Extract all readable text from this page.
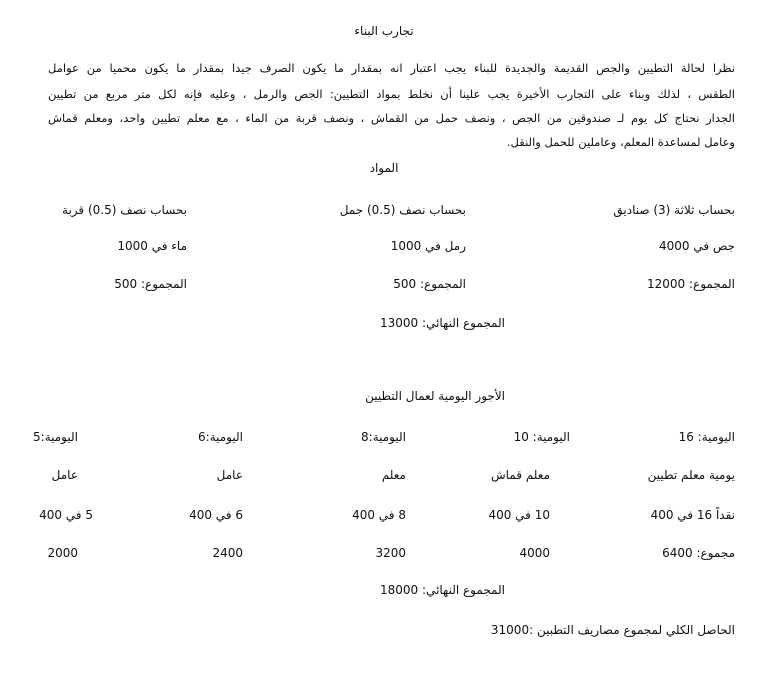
تجارب البناء
نظرا لحالة التطيين والجص القديمة والجديدة للبناء يجب اعتبار انه بمقدار ما يكون الصرف جيدا بمقدار ما يكون محميا من عوامل
الطقس ، لذلك وبناء على التجارب الأخيرة يجب علينا أن نخلط بمواد التطيين: الجص والرمل ، وعليه فإنه لكل متر مربع من تطيين
الجدار نحتاج كل يوم لـ صندوقين من الجص ، ونصف حمل من القماش ، ونصف قربة من الماء ، مع معلم تطيين واحد، ومعلم قماش
وعامل لمساعدة المعلم، وعاملين للحمل والنقل.
المواد
بحساب ثلاثة (3) صناديق
بحساب نصف (0.5) جمل
بحساب نصف (0.5) قربة
جص في 4000
رمل في 1000
ماء في 1000
المجموع: 12000
المجموع: 500
المجموع: 500
المجموع النهائي: 13000
الأجور اليومية لعمال التطيين
اليومية: 16
اليومية: 10
اليومية:8
اليومية:6
اليومية:5
يومية معلم تطيين
معلم قماش
معلم
عامل
عامل
نقداً 16 في 400
10 في 400
8 في 400
6 في 400
5 في 400
مجموع: 6400
4000
3200
2400
2000
المجموع النهائي: 18000
الحاصل الكلي لمجموع مصاريف التطبين :31000
